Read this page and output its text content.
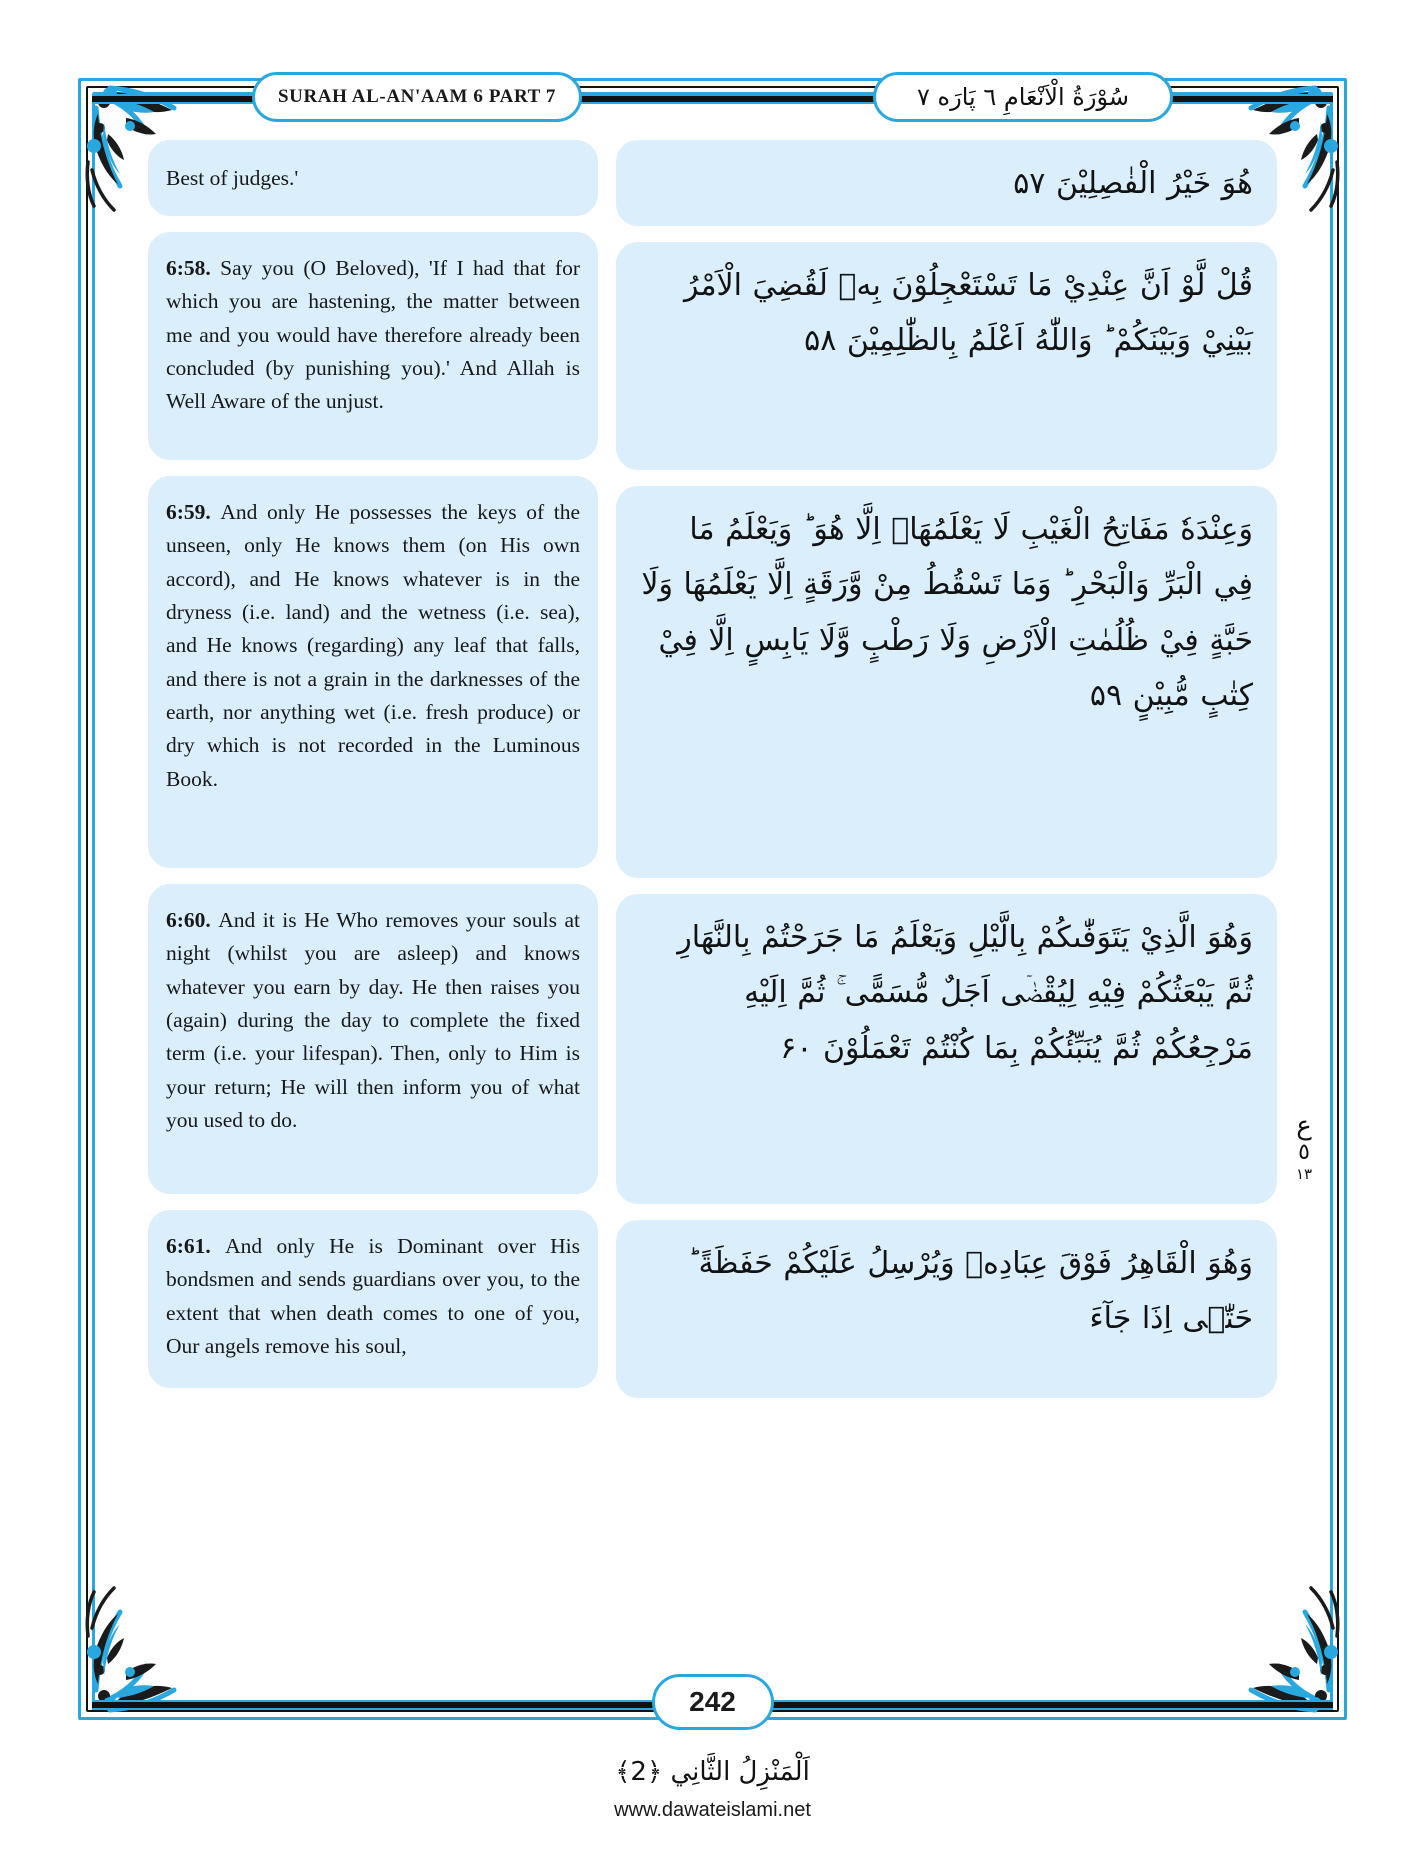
SURAH AL-AN'AAM 6 PART 7	سُوْرَةُ الْاَنْعَامِ ٦ پَارَه ٧
Best of judges.'
6:58. Say you (O Beloved), 'If I had that for which you are hastening, the matter between me and you would have therefore already been concluded (by punishing you).' And Allah is Well Aware of the unjust.
6:59. And only He possesses the keys of the unseen, only He knows them (on His own accord), and He knows whatever is in the dryness (i.e. land) and the wetness (i.e. sea), and He knows (regarding) any leaf that falls, and there is not a grain in the darknesses of the earth, nor anything wet (i.e. fresh produce) or dry which is not recorded in the Luminous Book.
6:60. And it is He Who removes your souls at night (whilst you are asleep) and knows whatever you earn by day. He then raises you (again) during the day to complete the fixed term (i.e. your lifespan). Then, only to Him is your return; He will then inform you of what you used to do.
6:61. And only He is Dominant over His bondsmen and sends guardians over you, to the extent that when death comes to one of you, Our angels remove his soul,
هُوَ خَيْرُ الْفٰصِلِيْنَ ۵۷
قُلْ لَّوْ اَنَّ عِنْدِيْ مَا تَسْتَعْجِلُوْنَ بِهٖ لَقُضِيَ الْاَمْرُ بَيْنِيْ وَبَيْنَكُمْ ؕ وَاللّٰهُ اَعْلَمُ بِالظّٰلِمِيْنَ ۵۸
وَعِنْدَهٗ مَفَاتِحُ الْغَيْبِ لَا يَعْلَمُهَاۤ اِلَّا هُوَ ؕ وَيَعْلَمُ مَا فِي الْبَرِّ وَالْبَحْرِ ؕ وَمَا تَسْقُطُ مِنْ وَّرَقَةٍ اِلَّا يَعْلَمُهَا وَلَا حَبَّةٍ فِيْ ظُلُمٰتِ الْاَرْضِ وَلَا رَطْبٍ وَّلَا يَابِسٍ اِلَّا فِيْ كِتٰبٍ مُّبِيْنٍ ۵۹
وَهُوَ الَّذِيْ يَتَوَفّٰىكُمْ بِالَّيْلِ وَيَعْلَمُ مَا جَرَحْتُمْ بِالنَّهَارِ ثُمَّ يَبْعَثُكُمْ فِيْهِ لِيُقْضٰۤى اَجَلٌ مُّسَمًّى ۚ ثُمَّ اِلَيْهِ مَرْجِعُكُمْ ثُمَّ يُنَبِّئُكُمْ بِمَا كُنْتُمْ تَعْمَلُوْنَ ۶۰
وَهُوَ الْقَاهِرُ فَوْقَ عِبَادِهٖ وَيُرْسِلُ عَلَيْكُمْ حَفَظَةً ؕ حَتّٰۤى اِذَا جَآءَ
ع
٥
١٣
242
اَلْمَنْزِلُ الثَّانِي ﴿2﴾
www.dawateislami.net
